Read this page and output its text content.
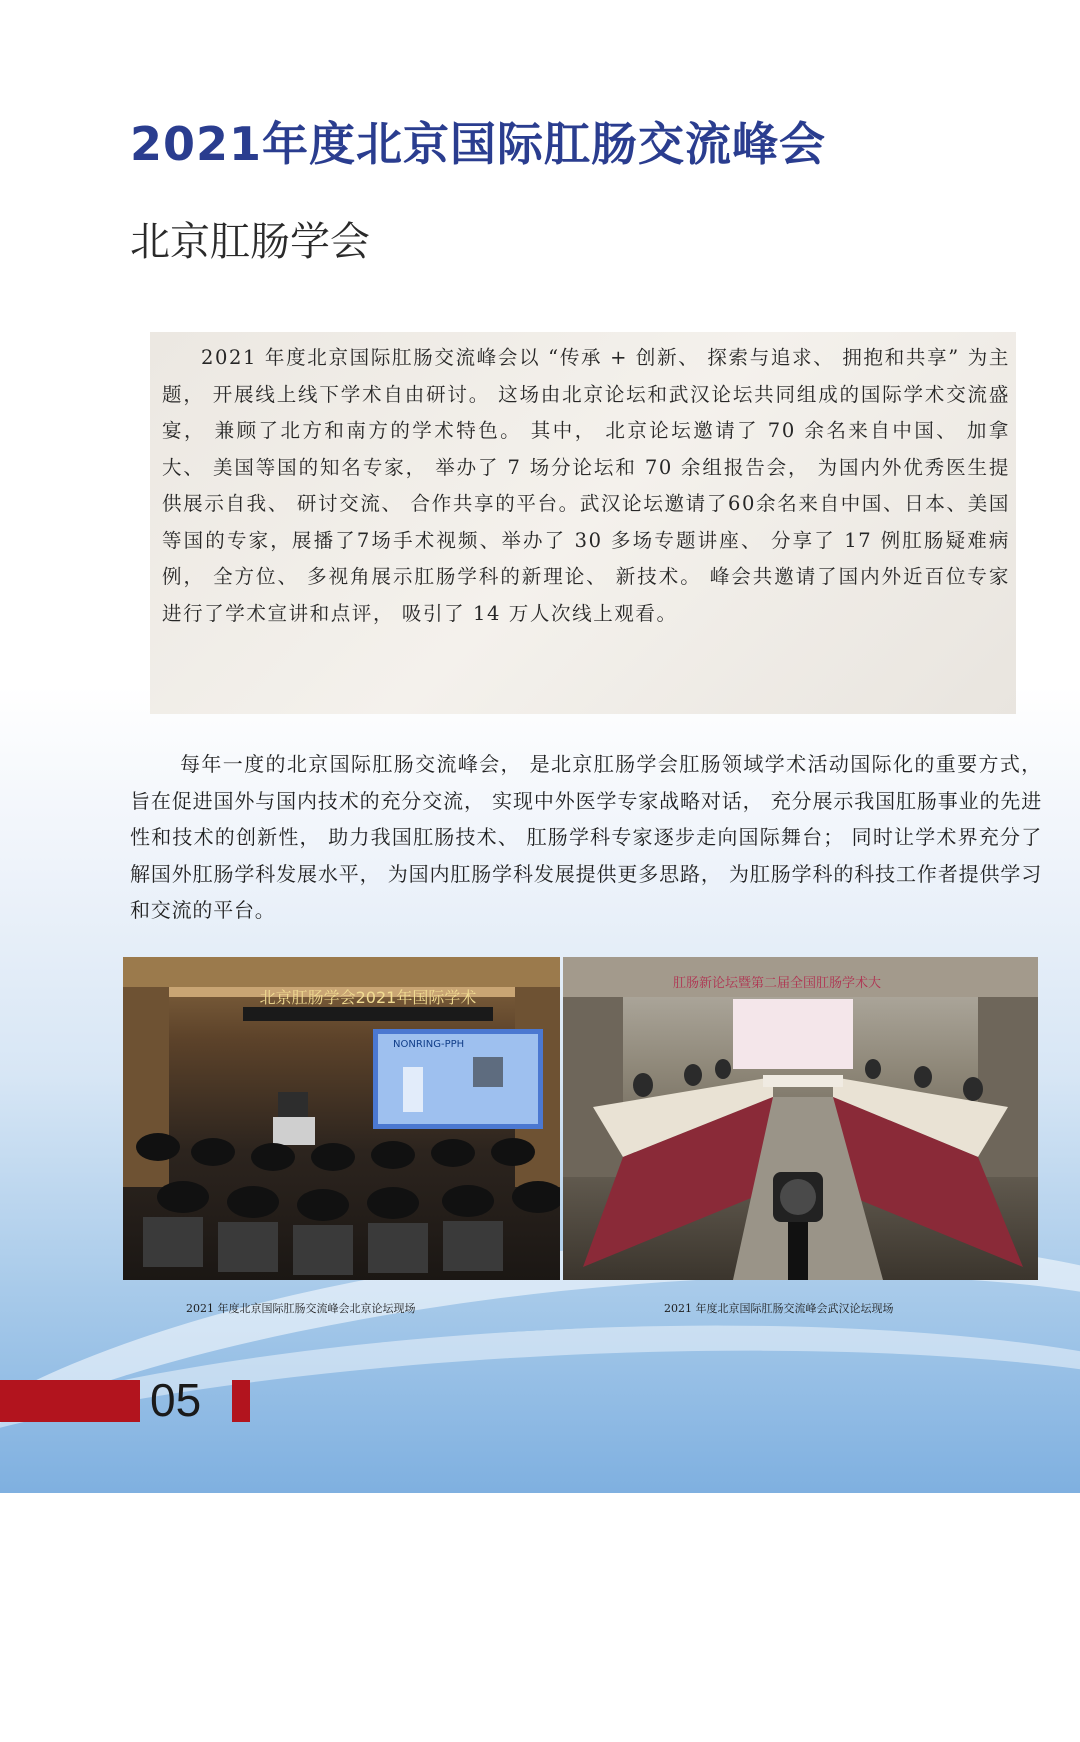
2021年度北京国际肛肠交流峰会
北京肛肠学会

2021 年度北京国际肛肠交流峰会以 “传承 + 创新、 探索与追求、 拥抱和共享” 为主题， 开展线上线下学术自由研讨。 这场由北京论坛和武汉论坛共同组成的国际学术交流盛宴， 兼顾了北方和南方的学术特色。 其中， 北京论坛邀请了 70 余名来自中国、 加拿大、 美国等国的知名专家， 举办了 7 场分论坛和 70 余组报告会， 为国内外优秀医生提供展示自我、 研讨交流、 合作共享的平台。武汉论坛邀请了60余名来自中国、日本、美国等国的专家，展播了7场手术视频、举办了 30 多场专题讲座、 分享了 17 例肛肠疑难病例， 全方位、 多视角展示肛肠学科的新理论、 新技术。 峰会共邀请了国内外近百位专家进行了学术宣讲和点评， 吸引了 14 万人次线上观看。

每年一度的北京国际肛肠交流峰会， 是北京肛肠学会肛肠领域学术活动国际化的重要方式， 旨在促进国外与国内技术的充分交流， 实现中外医学专家战略对话， 充分展示我国肛肠事业的先进性和技术的创新性， 助力我国肛肠技术、 肛肠学科专家逐步走向国际舞台； 同时让学术界充分了解国外肛肠学科发展水平， 为国内肛肠学科发展提供更多思路， 为肛肠学科的科技工作者提供学习和交流的平台。

北京肛肠学会2021年国际学术
NONRING-PPH
肛肠新论坛暨第二届全国肛肠学术大

2021 年度北京国际肛肠交流峰会北京论坛现场	2021 年度北京国际肛肠交流峰会武汉论坛现场

05
